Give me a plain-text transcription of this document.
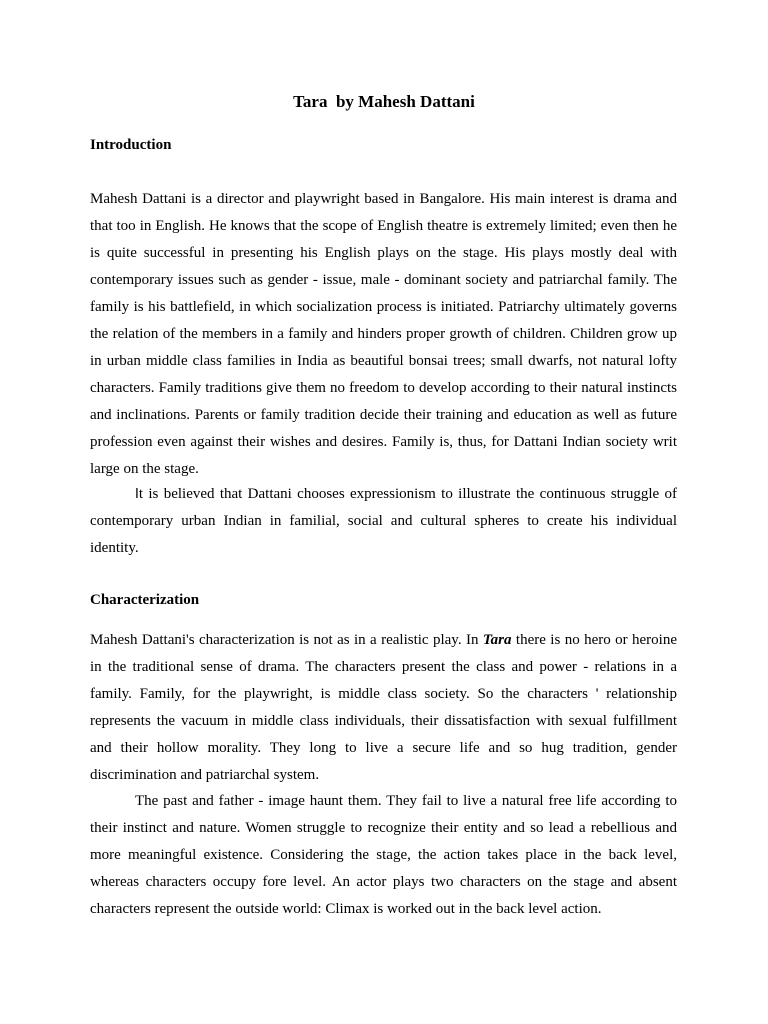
Tara  by Mahesh Dattani
Introduction

Mahesh Dattani is a director and playwright based in Bangalore. His main interest is drama and that too in English. He knows that the scope of English theatre is extremely limited; even then he is quite successful in presenting his English plays on the stage. His plays mostly deal with contemporary issues such as gender - issue, male - dominant society and patriarchal family. The family is his battlefield, in which socialization process is initiated. Patriarchy ultimately governs the relation of the members in a family and hinders proper growth of children. Children grow up in urban middle class families in India as beautiful bonsai trees; small dwarfs, not natural lofty characters. Family traditions give them no freedom to develop according to their natural instincts and inclinations. Parents or family tradition decide their training and education as well as future profession even against their wishes and desires. Family is, thus, for Dattani Indian society writ large on the stage.

It is believed that Dattani chooses expressionism to illustrate the continuous struggle of contemporary urban Indian in familial, social and cultural spheres to create his individual identity.

Characterization

Mahesh Dattani's characterization is not as in a realistic play. In Tara there is no hero or heroine in the traditional sense of drama. The characters present the class and power - relations in a family. Family, for the playwright, is middle class society. So the characters ' relationship represents the vacuum in middle class individuals, their dissatisfaction with sexual fulfillment and their hollow morality. They long to live a secure life and so hug tradition, gender discrimination and patriarchal system.

The past and father - image haunt them. They fail to live a natural free life according to their instinct and nature. Women struggle to recognize their entity and so lead a rebellious and more meaningful existence. Considering the stage, the action takes place in the back level, whereas characters occupy fore level. An actor plays two characters on the stage and absent characters represent the outside world: Climax is worked out in the back level action.
